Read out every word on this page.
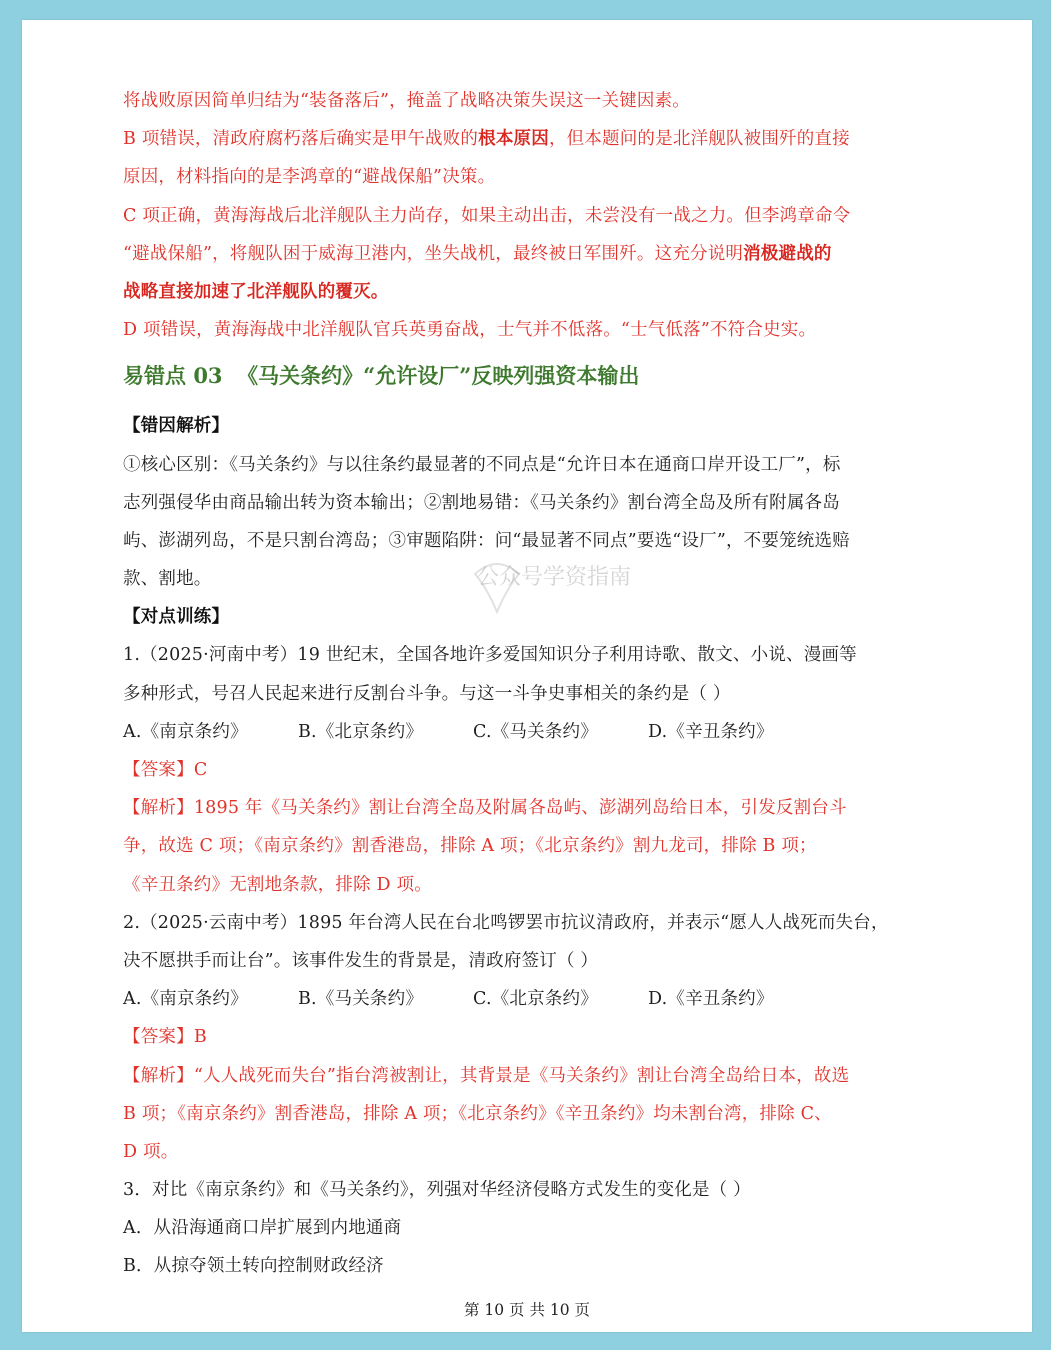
公众号学资指南
将战败原因简单归结为“装备落后”，掩盖了战略决策失误这一关键因素。
B 项错误，清政府腐朽落后确实是甲午战败的根本原因，但本题问的是北洋舰队被围歼的直接
原因，材料指向的是李鸿章的“避战保船”决策。
C 项正确，黄海海战后北洋舰队主力尚存，如果主动出击，未尝没有一战之力。但李鸿章命令
“避战保船”，将舰队困于威海卫港内，坐失战机，最终被日军围歼。这充分说明消极避战的
战略直接加速了北洋舰队的覆灭。
D 项错误，黄海海战中北洋舰队官兵英勇奋战，士气并不低落。“士气低落”不符合史实。
易错点 03 《马关条约》“允许设厂”反映列强资本输出
【错因解析】
①核心区别：《马关条约》与以往条约最显著的不同点是“允许日本在通商口岸开设工厂”，标
志列强侵华由商品输出转为资本输出；②割地易错：《马关条约》割台湾全岛及所有附属各岛
屿、澎湖列岛，不是只割台湾岛；③审题陷阱：问“最显著不同点”要选“设厂”，不要笼统选赔
款、割地。
【对点训练】
1.（2025·河南中考）19 世纪末，全国各地许多爱国知识分子利用诗歌、散文、小说、漫画等
多种形式，号召人民起来进行反割台斗争。与这一斗争史事相关的条约是（ ）
A.《南京条约》	B.《北京条约》	C.《马关条约》	D.《辛丑条约》
【答案】C
【解析】1895 年《马关条约》割让台湾全岛及附属各岛屿、澎湖列岛给日本，引发反割台斗
争，故选 C 项；《南京条约》割香港岛，排除 A 项；《北京条约》割九龙司，排除 B 项；
《辛丑条约》无割地条款，排除 D 项。
2.（2025·云南中考）1895 年台湾人民在台北鸣锣罢市抗议清政府，并表示“愿人人战死而失台，
决不愿拱手而让台”。该事件发生的背景是，清政府签订（ ）
A.《南京条约》	B.《马关条约》	C.《北京条约》	D.《辛丑条约》
【答案】B
【解析】“人人战死而失台”指台湾被割让，其背景是《马关条约》割让台湾全岛给日本，故选
B 项；《南京条约》割香港岛，排除 A 项；《北京条约》《辛丑条约》均未割台湾，排除 C、
D 项。
3．对比《南京条约》和《马关条约》，列强对华经济侵略方式发生的变化是（ ）
A．从沿海通商口岸扩展到内地通商
B．从掠夺领土转向控制财政经济
第 10 页 共 10 页
